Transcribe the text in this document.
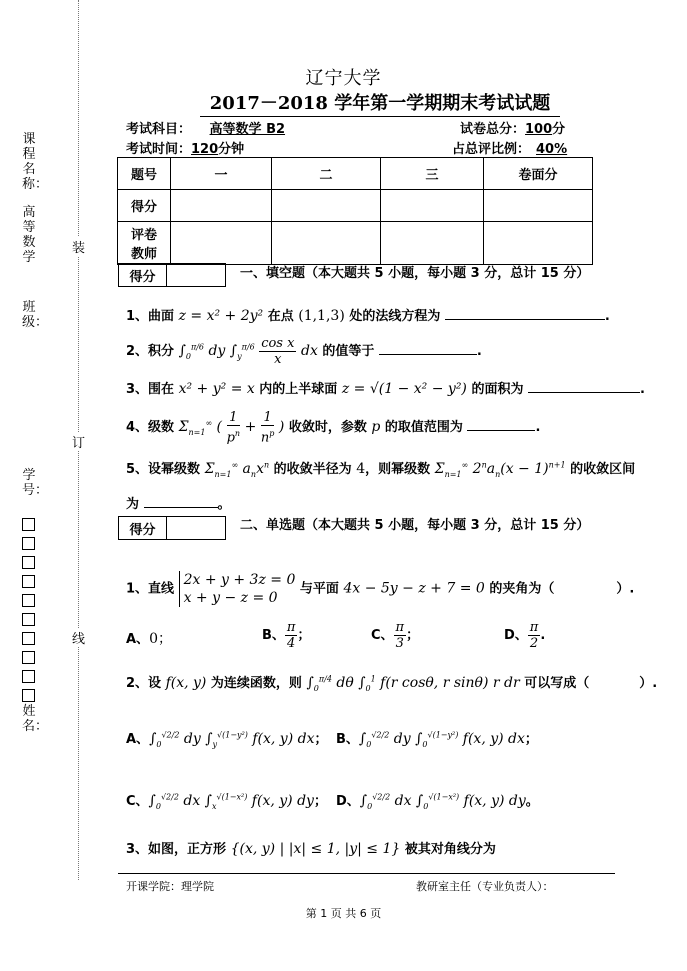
课程名称：
高等数学
班级：
学号：
姓名：
装
订
线
辽宁大学
2017－2018 学年第一学期期末考试试题
考试科目： 高等数学 B2	试卷总分：100分
考试时间：120分钟	占总评比例： 40%
题号	一	二	三	卷面分
得分				
评卷
教师				
得分	一、填空题（本大题共 5 小题，每小题 3 分，总计 15 分）
1、曲面 z = x² + 2y² 在点 (1,1,3) 处的法线方程为	.
2、积分 $\int_0^{\pi/6}$ dy $\int_y^{\pi/6} \frac{\text{cos x}}{x}$ dx 的值等于	.
3、围在 x² + y² = x 内的上半球面 z = √(1 − x² − y²) 的面积为	.
4、级数 $\Sigma_{n=1}^\infty$ ( $\frac{1}{p^n} + \frac{1}{n^p}$ ) 收敛时，参数 p 的取值范围为	.
5、设幂级数 $\Sigma_{n=1}^\infty$ $a_nx^n$ 的收敛半径为 4，则幂级数 $\Sigma_{n=1}^\infty$ $2^na_n(x - 1)^{n+1}$ 的收敛区间
为	。
得分	二、单选题（本大题共 5 小题，每小题 3 分，总计 15 分）
1、直线 2x + y + 3z = 0
x + y − z = 0 与平面 4x − 5y − z + 7 = 0 的夹角为（	）.
A、0；	B、 $\frac{\pi}{4}$ ；	C、 $\frac{\pi}{3}$ ；	D、 $\frac{\pi}{2}$ .
2、设 f(x, y) 为连续函数，则 $\int_0^{\pi/4}$ dθ $\int_0^1$ f(r cosθ, r sinθ) r dr 可以写成（	）.
A、$\int_0^{√2/2}$ dy $\int_y^{√(1-y^2)}$ f(x, y) dx； B、$\int_0^{√2/2}$ dy $\int_0^{√(1-y^2)}$ f(x, y) dx；
C、$\int_0^{√2/2}$ dx $\int_x^{√(1-x^2)}$ f(x, y) dy； D、$\int_0^{√2/2}$ dx $\int_0^{√(1-x^2)}$ f(x, y) dy。
3、如图，正方形 {(x, y) | |x| ≤ 1, |y| ≤ 1} 被其对角线分为
开课学院：理学院	教研室主任（专业负责人）：
第 1 页 共 6 页
